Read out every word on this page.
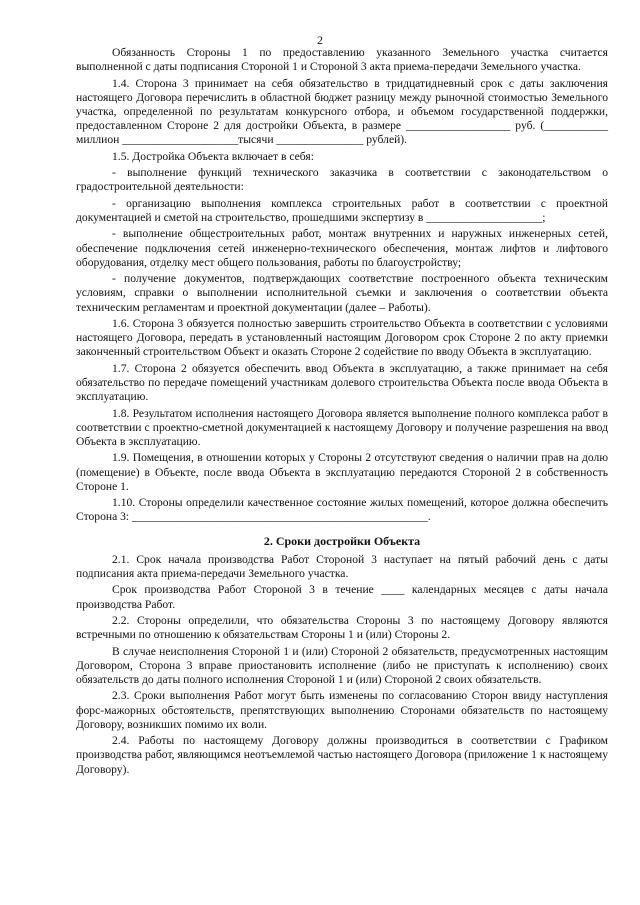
2

Обязанность Стороны 1 по предоставлению указанного Земельного участка считается выполненной с даты подписания Стороной 1 и Стороной 3 акта приема-передачи Земельного участка.

1.4. Сторона 3 принимает на себя обязательство в тридцатидневный срок с даты заключения настоящего Договора перечислить в областной бюджет разницу между рыночной стоимостью Земельного участка, определенной по результатам конкурсного отбора, и объемом государственной поддержки, предоставленном Стороне 2 для достройки Объекта, в размере __________________ руб. (___________ миллион ____________________тысячи _______________ рублей).

1.5. Достройка Объекта включает в себя:

- выполнение функций технического заказчика в соответствии с законодательством о градостроительной деятельности:

- организацию выполнения комплекса строительных работ в соответствии с проектной документацией и сметой на строительство, прошедшими экспертизу в ____________________;

- выполнение общестроительных работ, монтаж внутренних и наружных инженерных сетей, обеспечение подключения сетей инженерно-технического обеспечения, монтаж лифтов и лифтового оборудования, отделку мест общего пользования, работы по благоустройству;

- получение документов, подтверждающих соответствие построенного объекта техническим условиям, справки о выполнении исполнительной съемки и заключения о соответствии объекта техническим регламентам и проектной документации (далее – Работы).

1.6. Сторона 3 обязуется полностью завершить строительство Объекта в соответствии с условиями настоящего Договора, передать в установленный настоящим Договором срок Стороне 2 по акту приемки законченный строительством Объект и оказать Стороне 2 содействие по вводу Объекта в эксплуатацию.

1.7. Сторона 2 обязуется обеспечить ввод Объекта в эксплуатацию, а также принимает на себя обязательство по передаче помещений участникам долевого строительства Объекта после ввода Объекта в эксплуатацию.

1.8. Результатом исполнения настоящего Договора является выполнение полного комплекса работ в соответствии с проектно-сметной документацией к настоящему Договору и получение разрешения на ввод Объекта в эксплуатацию.

1.9. Помещения, в отношении которых у Стороны 2 отсутствуют сведения о наличии прав на долю (помещение) в Объекте, после ввода Объекта в эксплуатацию передаются Стороной 2 в собственность Стороне 1.

1.10. Стороны определили качественное состояние жилых помещений, которое должна обеспечить Сторона 3: ___________________________________________________.

2. Сроки достройки Объекта

2.1. Срок начала производства Работ Стороной 3 наступает на пятый рабочий день с даты подписания акта приема-передачи Земельного участка.

Срок производства Работ Стороной 3 в течение ____ календарных месяцев с даты начала производства Работ.

2.2. Стороны определили, что обязательства Стороны 3 по настоящему Договору являются встречными по отношению к обязательствам Стороны 1 и (или) Стороны 2.

В случае неисполнения Стороной 1 и (или) Стороной 2 обязательств, предусмотренных настоящим Договором, Сторона 3 вправе приостановить исполнение (либо не приступать к исполнению) своих обязательств до даты полного исполнения Стороной 1 и (или) Стороной 2 своих обязательств.

2.3. Сроки выполнения Работ могут быть изменены по согласованию Сторон ввиду наступления форс-мажорных обстоятельств, препятствующих выполнению Сторонами обязательств по настоящему Договору, возникших помимо их воли.

2.4. Работы по настоящему Договору должны производиться в соответствии с Графиком производства работ, являющимся неотъемлемой частью настоящего Договора (приложение 1 к настоящему Договору).
